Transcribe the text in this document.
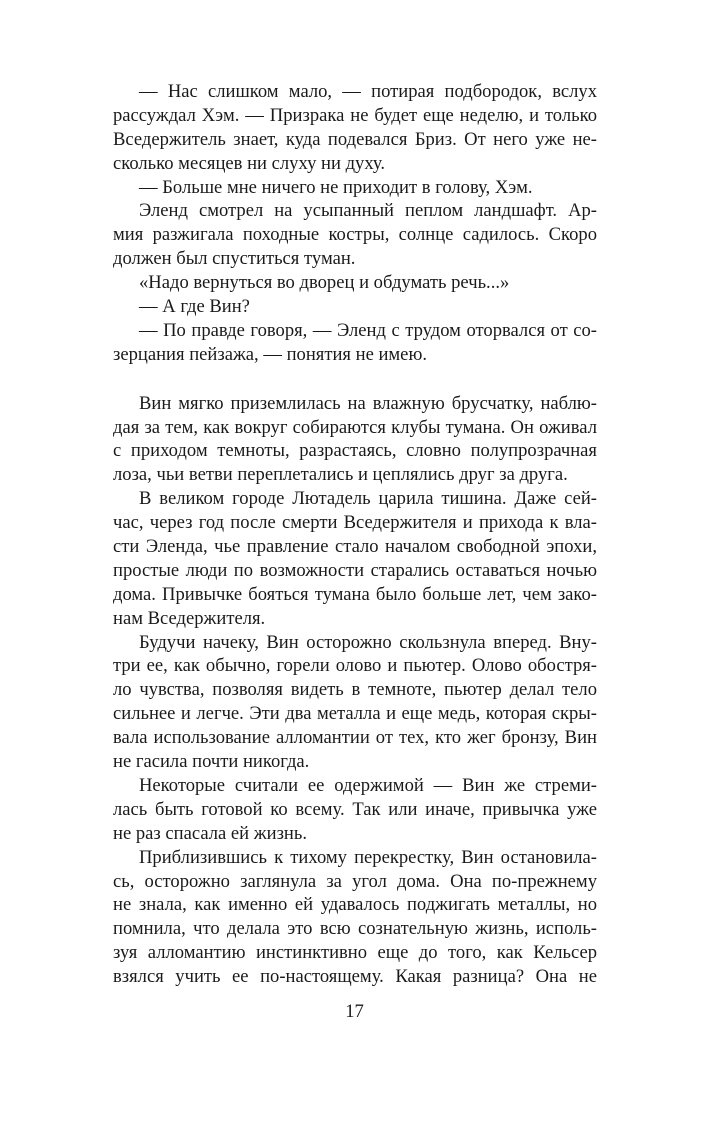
— Нас слишком мало, — потирая подбородок, вслух
рассуждал Хэм. — Призрака не будет еще неделю, и только
Вседержитель знает, куда подевался Бриз. От него уже не-
сколько месяцев ни слуху ни духу.
— Больше мне ничего не приходит в голову, Хэм.
Эленд смотрел на усыпанный пеплом ландшафт. Ар-
мия разжигала походные костры, солнце садилось. Скоро
должен был спуститься туман.
«Надо вернуться во дворец и обдумать речь...»
— А где Вин?
— По правде говоря, — Эленд с трудом оторвался от со-
зерцания пейзажа, — понятия не имею.
Вин мягко приземлилась на влажную брусчатку, наблю-
дая за тем, как вокруг собираются клубы тумана. Он оживал
с приходом темноты, разрастаясь, словно полупрозрачная
лоза, чьи ветви переплетались и цеплялись друг за друга.
В великом городе Лютадель царила тишина. Даже сей-
час, через год после смерти Вседержителя и прихода к вла-
сти Эленда, чье правление стало началом свободной эпохи,
простые люди по возможности старались оставаться ночью
дома. Привычке бояться тумана было больше лет, чем зако-
нам Вседержителя.
Будучи начеку, Вин осторожно скользнула вперед. Вну-
три ее, как обычно, горели олово и пьютер. Олово обостря-
ло чувства, позволяя видеть в темноте, пьютер делал тело
сильнее и легче. Эти два металла и еще медь, которая скры-
вала использование алломантии от тех, кто жег бронзу, Вин
не гасила почти никогда.
Некоторые считали ее одержимой — Вин же стреми-
лась быть готовой ко всему. Так или иначе, привычка уже
не раз спасала ей жизнь.
Приблизившись к тихому перекрестку, Вин остановила-
сь, осторожно заглянула за угол дома. Она по-прежнему
не знала, как именно ей удавалось поджигать металлы, но
помнила, что делала это всю сознательную жизнь, исполь-
зуя алломантию инстинктивно еще до того, как Кельсер
взялся учить ее по-настоящему. Какая разница? Она не
17
